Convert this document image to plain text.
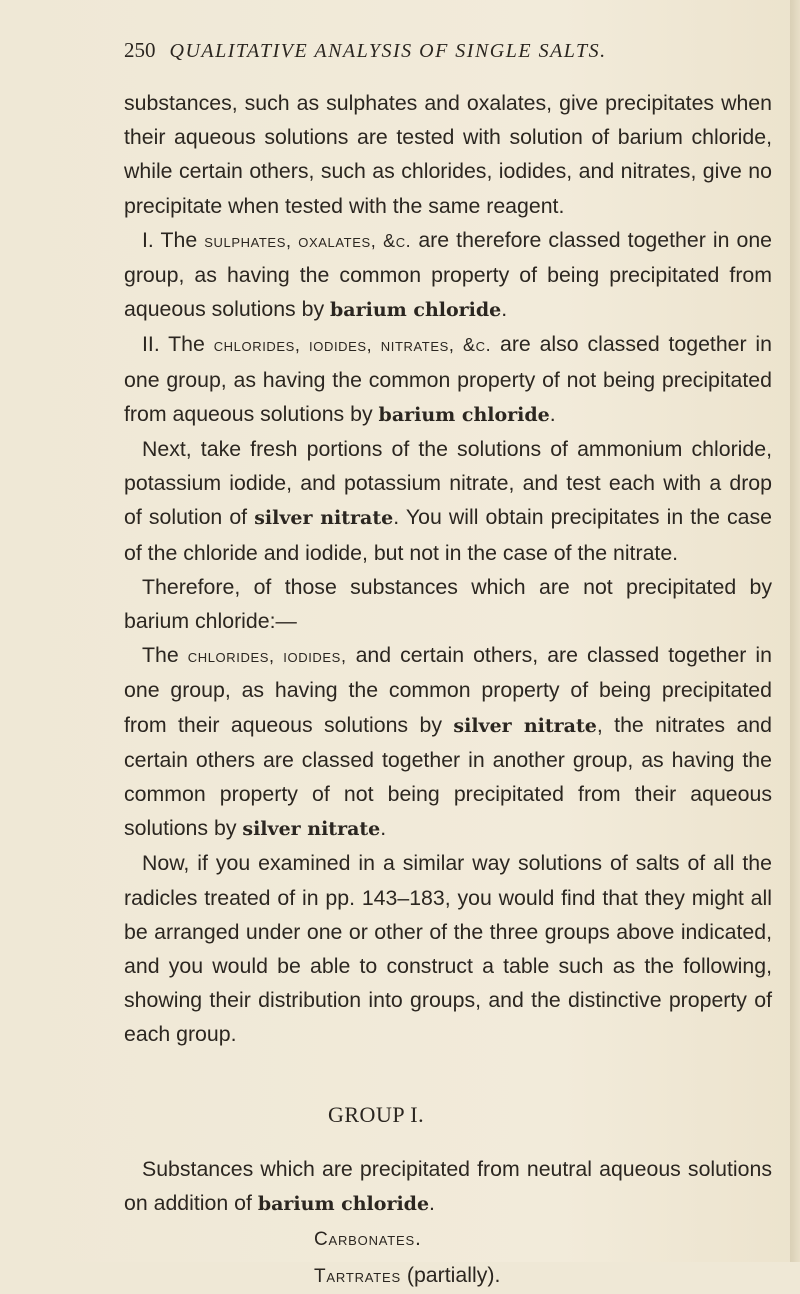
250 QUALITATIVE ANALYSIS OF SINGLE SALTS.

substances, such as sulphates and oxalates, give precipitates when their aqueous solutions are tested with solution of barium chloride, while certain others, such as chlorides, iodides, and nitrates, give no precipitate when tested with the same reagent.

I. The sulphates, oxalates, &c. are therefore classed together in one group, as having the common property of being precipitated from aqueous solutions by barium chloride.

II. The chlorides, iodides, nitrates, &c. are also classed together in one group, as having the common property of not being precipitated from aqueous solutions by barium chloride.

Next, take fresh portions of the solutions of ammonium chloride, potassium iodide, and potassium nitrate, and test each with a drop of solution of silver nitrate. You will obtain precipitates in the case of the chloride and iodide, but not in the case of the nitrate.

Therefore, of those substances which are not precipitated by barium chloride:—

The chlorides, iodides, and certain others, are classed together in one group, as having the common property of being precipitated from their aqueous solutions by silver nitrate, the nitrates and certain others are classed together in another group, as having the common property of not being precipitated from their aqueous solutions by silver nitrate.

Now, if you examined in a similar way solutions of salts of all the radicles treated of in pp. 143–183, you would find that they might all be arranged under one or other of the three groups above indicated, and you would be able to construct a table such as the following, showing their distribution into groups, and the distinctive property of each group.

GROUP I.

Substances which are precipitated from neutral aqueous solutions on addition of barium chloride.

Carbonates.
Tartrates (partially).
